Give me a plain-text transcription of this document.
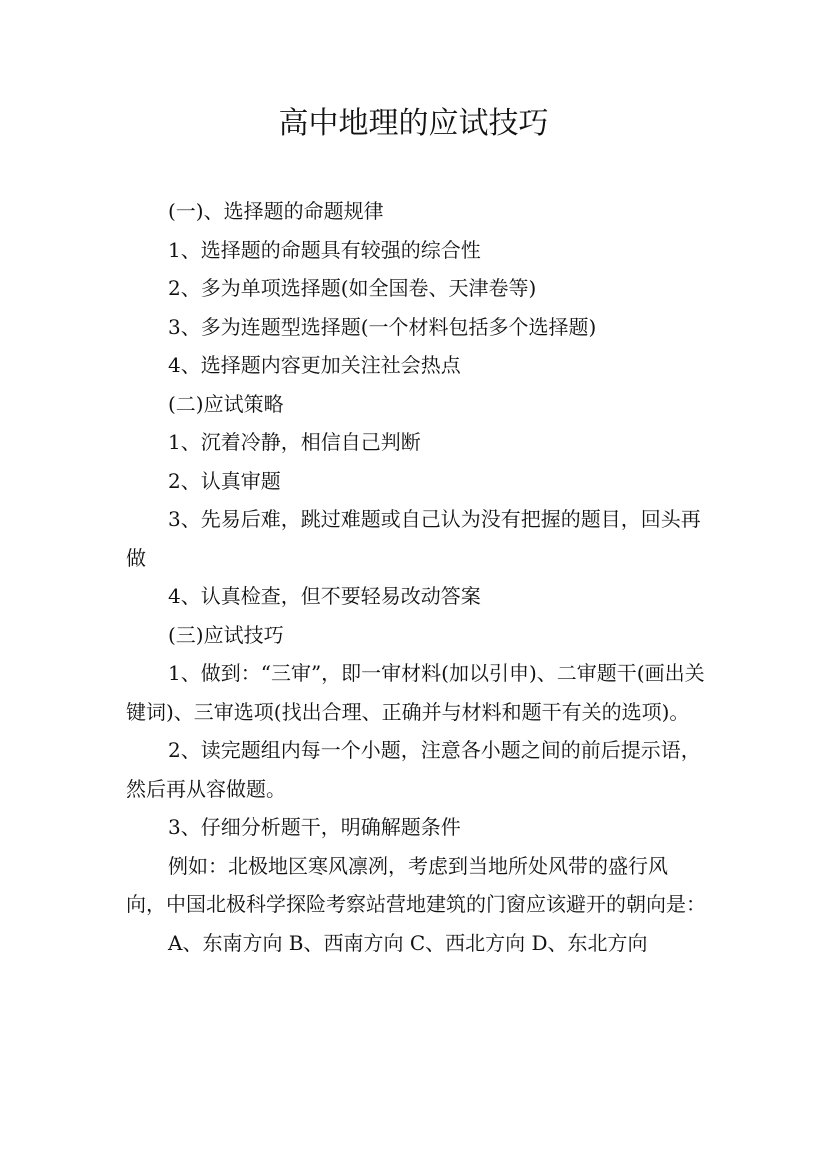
高中地理的应试技巧

(一)、选择题的命题规律

1、选择题的命题具有较强的综合性

2、多为单项选择题(如全国卷、天津卷等)

3、多为连题型选择题(一个材料包括多个选择题)

4、选择题内容更加关注社会热点

(二)应试策略

1、沉着冷静，相信自己判断

2、认真审题

3、先易后难，跳过难题或自己认为没有把握的题目，回头再做

4、认真检查，但不要轻易改动答案

(三)应试技巧

1、做到：“三审”，即一审材料(加以引申)、二审题干(画出关键词)、三审选项(找出合理、正确并与材料和题干有关的选项)。

2、读完题组内每一个小题，注意各小题之间的前后提示语，然后再从容做题。

3、仔细分析题干，明确解题条件

例如：北极地区寒风凛冽，考虑到当地所处风带的盛行风向，中国北极科学探险考察站营地建筑的门窗应该避开的朝向是：

A、东南方向 B、西南方向 C、西北方向 D、东北方向
